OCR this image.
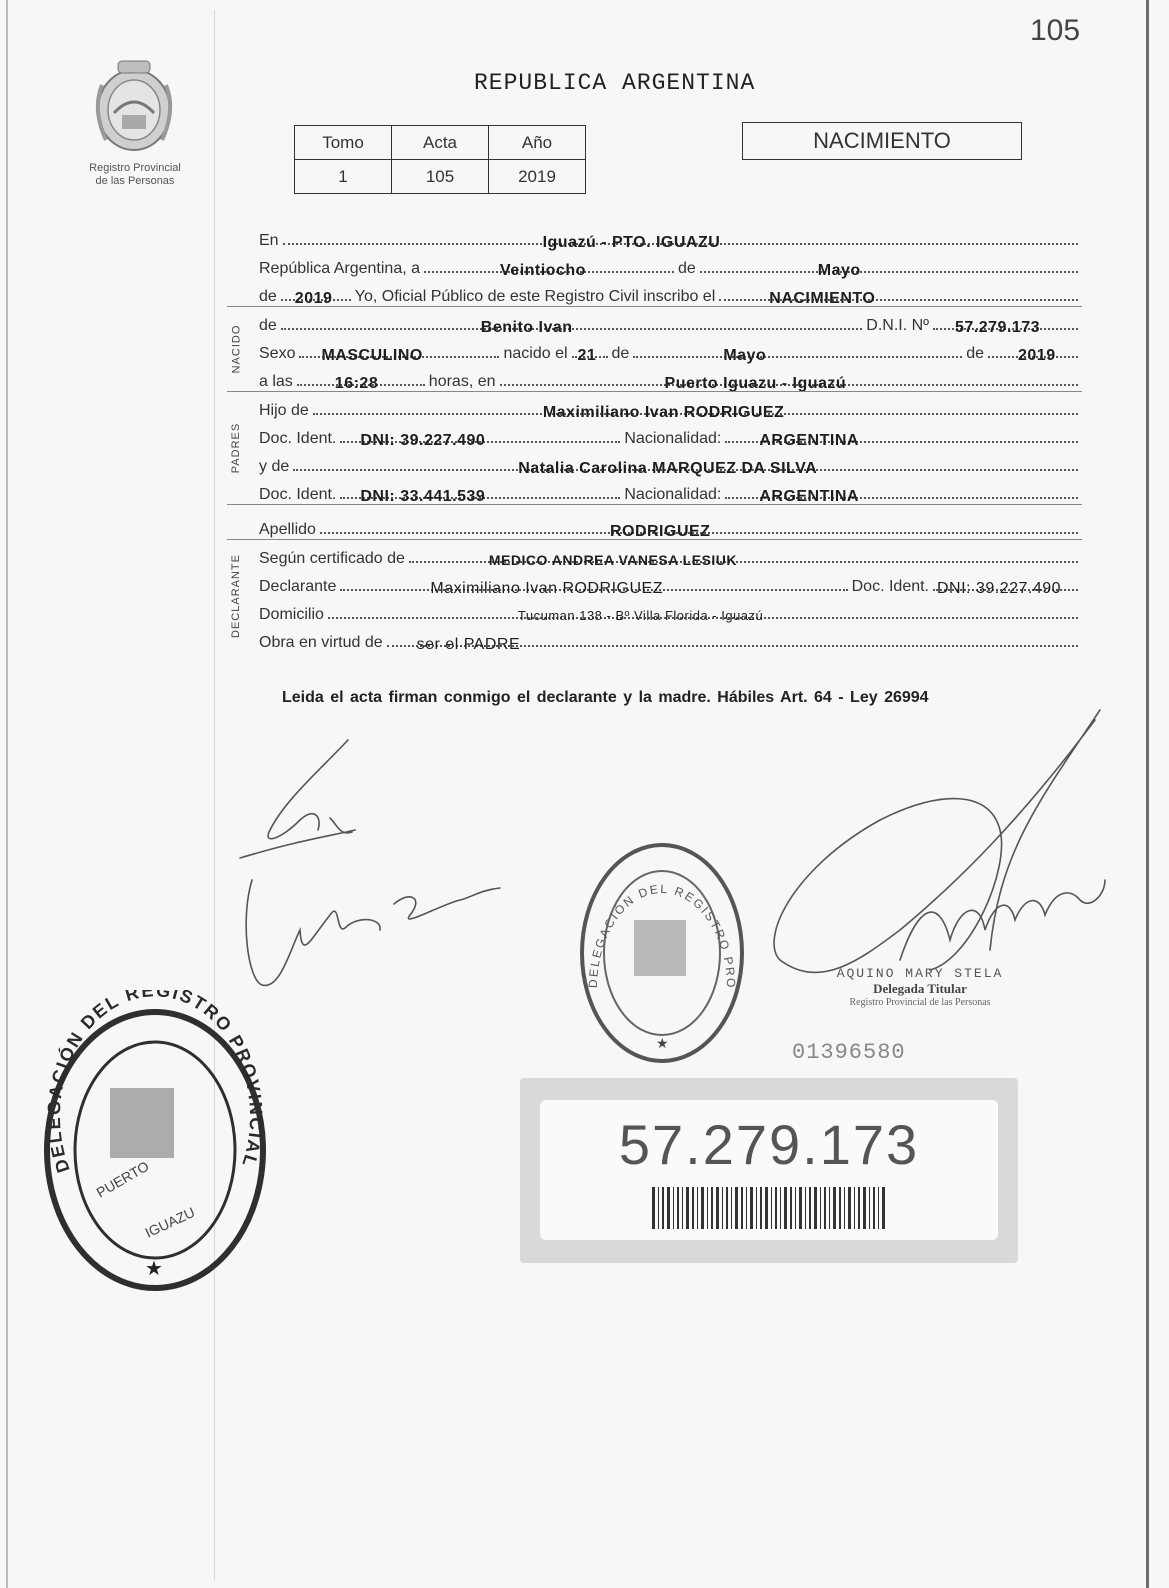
105
REPUBLICA ARGENTINA
Registro Provincial
de las Personas
Tomo	Acta	Año
1	105	2019
NACIMIENTO
En	Iguazú - PTO. IGUAZU
República Argentina, a	Veintiocho	de	Mayo
de 2019 Yo, Oficial Público de este Registro Civil inscribo el	NACIMIENTO
NACIDO de	Benito Ivan	D.N.I. Nº 57.279.173
Sexo MASCULINO	nacido el 21 de	Mayo	de 2019
a las	16:28	horas, en	Puerto Iguazu - Iguazú
PADRES
Hijo de	Maximiliano Ivan RODRIGUEZ
Doc. Ident. DNI: 39.227.490	Nacionalidad: ARGENTINA
y de	Natalia Carolina MARQUEZ DA SILVA
Doc. Ident. DNI: 33.441.539	Nacionalidad: ARGENTINA
Apellido	RODRIGUEZ
DECLARANTE Según certificado de	MEDICO ANDREA VANESA LESIUK
Declarante	Maximiliano Ivan RODRIGUEZ	Doc. Ident. DNI: 39.227.490
Domicilio	Tucuman 138 - Bº Villa Florida - Iguazú
Obra en virtud de ser el PADRE
Leida el acta firman conmigo el declarante y la madre. Hábiles Art. 64 - Ley 26994
DELEGACIÓN DEL REGISTRO PROVINCIAL
PUERTO
IGUAZU
★
DELEGACIÓN DEL REGISTRO PRO
★
AQUINO MARY STELA
Delegada Titular
Registro Provincial de las Personas
01396580
57.279.173
